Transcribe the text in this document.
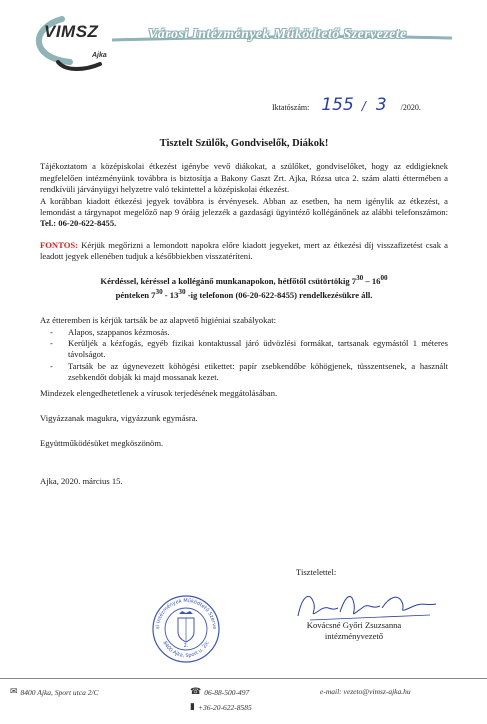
VIMSZ
Ajka
Városi Intézmények Működtető Szervezete
Iktatószám: 155 / 3 /2020.
Tisztelt Szülők, Gondviselők, Diákok!

Tájékoztatom a középiskolai étkezést igénybe vevő diákokat, a szülőket, gondviselőket, hogy az eddigieknek megfelelően intézményünk továbbra is biztosítja a Bakony Gaszt Zrt. Ajka, Rózsa utca 2. szám alatti éttermében a rendkívüli járványügyi helyzetre való tekintettel a középiskolai étkezést.

A korábban kiadott étkezési jegyek továbbra is érvényesek. Abban az esetben, ha nem igénylik az étkezést, a lemondást a tárgynapot megelőző nap 9 óráig jelezzék a gazdasági ügyintéző kollégánőnek az alábbi telefonszámon: Tel.: 06-20-622-8455.

FONTOS: Kérjük megőrizni a lemondott napokra előre kiadott jegyeket, mert az étkezési díj visszafizetést csak a leadott jegyek ellenében tudjuk a későbbiekben visszatéríteni.

Kérdéssel, kéréssel a kollégánő munkanapokon, hétfőtől csütörtökig $7^{30} - 16^{00}$

pénteken $7^{30} - 13^{30}$ -ig telefonon (06-20-622-8455) rendelkezésükre áll.

Az étteremben is kérjük tartsák be az alapvető higiéniai szabályokat:

- Alapos, szappanos kézmosás.
- Kerüljék a kézfogás, egyéb fizikai kontaktussal járó üdvözlési formákat, tartsanak egymástól 1 méteres távolságot.
- Tartsák be az úgynevezett köhögési etikettet: papír zsebkendőbe köhögjenek, tüsszentsenek, a használt zsebkendőt dobják ki majd mossanak kezet.

Mindezek elengedhetetlenek a vírusok terjedésének meggátolásában.

Vigyázzanak magukra, vigyázzunk egymásra.

Együttműködésüket megköszönöm.

Ajka, 2020. március 15.

Tisztelettel:
si Intézmények Működtető Szerve
8400 Ajka, Sport u. 2/c
2.
Kovácsné Győri Zsuzsanna
intézményvezető
✉ 8400 Ajka, Sport utca 2/C	☎ 06-88-500-497
▮ +36-20-622-8585
e-mail: vezeto@vimsz-ajka.hu
